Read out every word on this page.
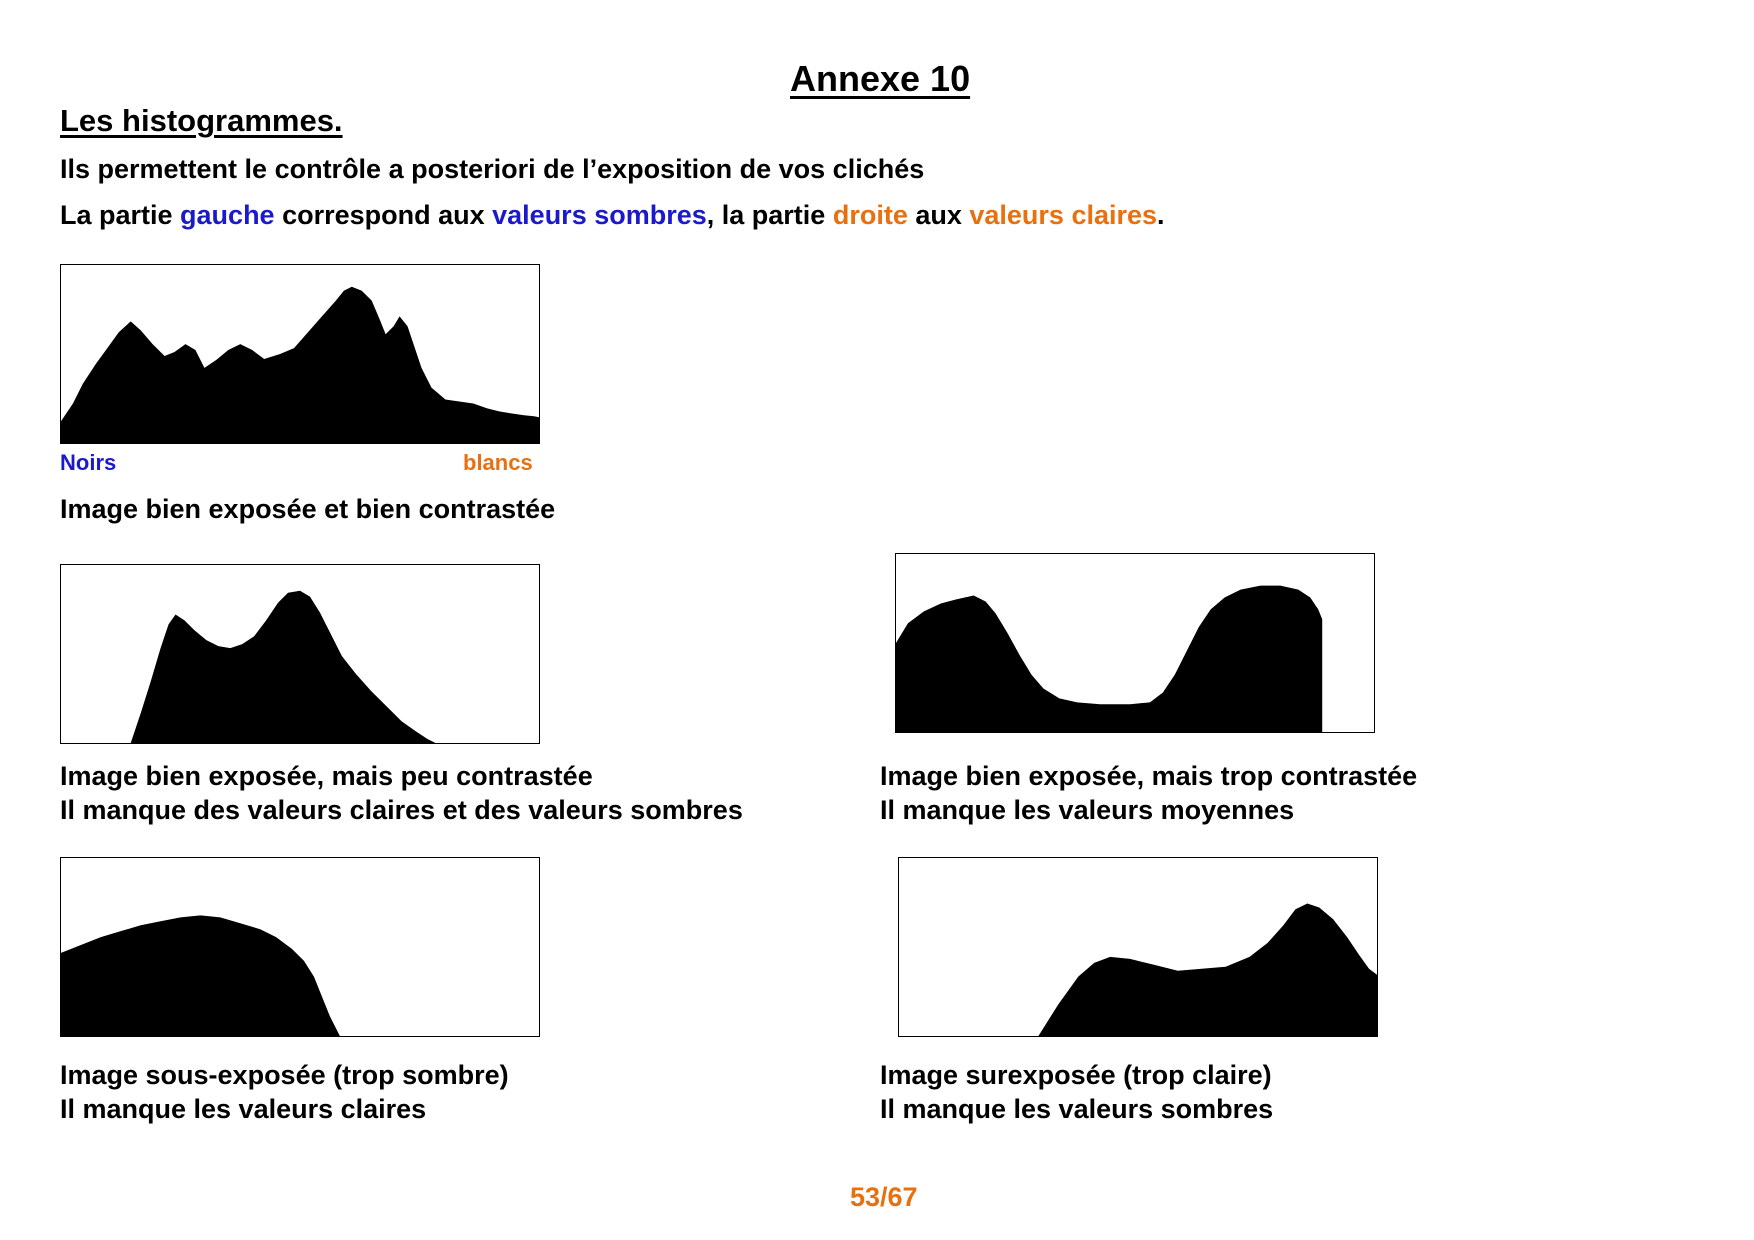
Annexe 10
Les histogrammes.
Ils permettent le contrôle a posteriori de l’exposition de vos clichés
La partie gauche correspond aux valeurs sombres, la partie droite aux valeurs claires.
Noirs	blancs
Image bien exposée et bien contrastée
Image bien exposée, mais peu contrastée
Il manque des valeurs claires et des valeurs sombres
Image bien exposée, mais trop contrastée
Il manque les valeurs moyennes
Image sous-exposée (trop sombre)
Il manque les valeurs claires
Image surexposée (trop claire)
Il manque les valeurs sombres
53/67
